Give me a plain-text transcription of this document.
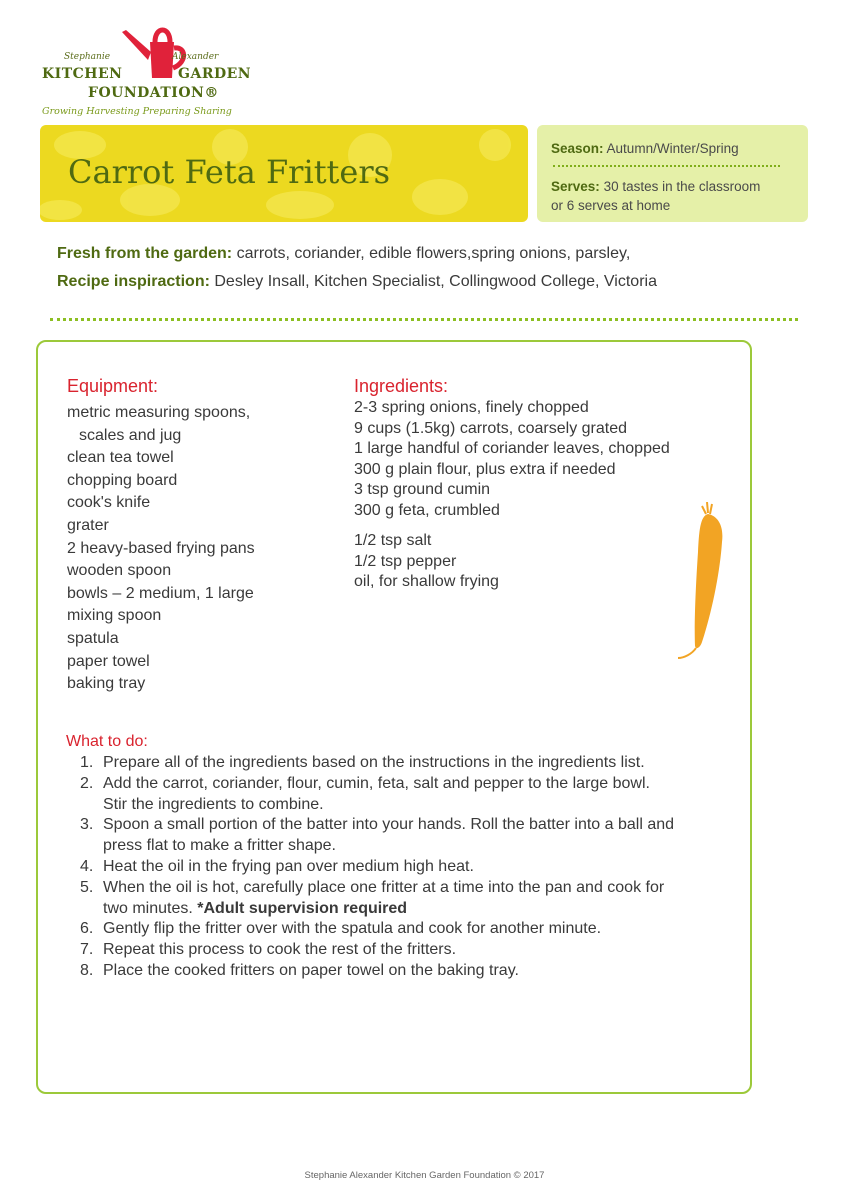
Stephanie	Alexander
KITCHEN	GARDEN
FOUNDATION®
Growing Harvesting Preparing Sharing
Carrot Feta Fritters
Season: Autumn/Winter/Spring
Serves: 30 tastes in the classroom
or 6 serves at home
Fresh from the garden: carrots, coriander, edible flowers,spring onions, parsley,
Recipe inspiraction: Desley Insall, Kitchen Specialist, Collingwood College, Victoria
Equipment:
metric measuring spoons,
scales and jug
clean tea towel
chopping board
cook's knife
grater
2 heavy-based frying pans
wooden spoon
bowls – 2 medium, 1 large
mixing spoon
spatula
paper towel
baking tray
Ingredients:
2-3 spring onions, finely chopped
9 cups (1.5kg) carrots, coarsely grated
1 large handful of coriander leaves, chopped
300 g plain flour, plus extra if needed
3 tsp ground cumin
300 g feta, crumbled
1/2 tsp salt
1/2 tsp pepper
oil, for shallow frying
What to do:
1. Prepare all of the ingredients based on the instructions in the ingredients list.
2. Add the carrot, coriander, flour, cumin, feta, salt and pepper to the large bowl.
Stir the ingredients to combine.
3. Spoon a small portion of the batter into your hands. Roll the batter into a ball and
press flat to make a fritter shape.
4. Heat the oil in the frying pan over medium high heat.
5. When the oil is hot, carefully place one fritter at a time into the pan and cook for
two minutes. *Adult supervision required
6. Gently flip the fritter over with the spatula and cook for another minute.
7. Repeat this process to cook the rest of the fritters.
8. Place the cooked fritters on paper towel on the baking tray.
Stephanie Alexander Kitchen Garden Foundation © 2017
